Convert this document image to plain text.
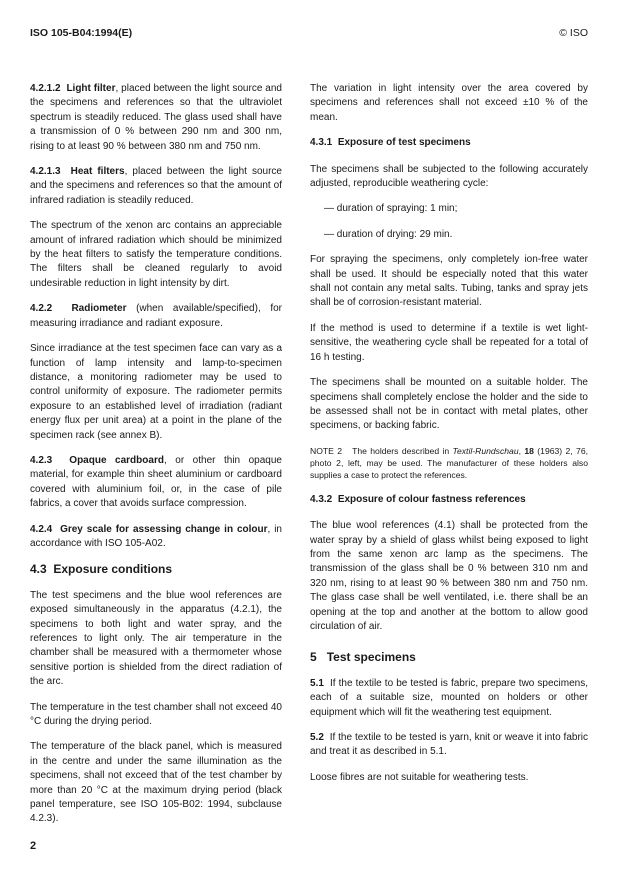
ISO 105-B04:1994(E)	© ISO

4.2.1.2 Light filter, placed between the light source and the specimens and references so that the ultraviolet spectrum is steadily reduced. The glass used shall have a transmission of 0 % between 290 nm and 300 nm, rising to at least 90 % between 380 nm and 750 nm.

4.2.1.3 Heat filters, placed between the light source and the specimens and references so that the amount of infrared radiation is steadily reduced.

The spectrum of the xenon arc contains an appreciable amount of infrared radiation which should be minimized by the heat filters to satisfy the temperature conditions. The filters shall be cleaned regularly to avoid undesirable reduction in light intensity by dirt.

4.2.2 Radiometer (when available/specified), for measuring irradiance and radiant exposure.

Since irradiance at the test specimen face can vary as a function of lamp intensity and lamp-to-specimen distance, a monitoring radiometer may be used to control uniformity of exposure. The radiometer permits exposure to an established level of irradiation (radiant energy flux per unit area) at a point in the plane of the specimen rack (see annex B).

4.2.3 Opaque cardboard, or other thin opaque material, for example thin sheet aluminium or cardboard covered with aluminium foil, or, in the case of pile fabrics, a cover that avoids surface compression.

4.2.4 Grey scale for assessing change in colour, in accordance with ISO 105-A02.

4.3 Exposure conditions

The test specimens and the blue wool references are exposed simultaneously in the apparatus (4.2.1), the specimens to both light and water spray, and the references to light only. The air temperature in the chamber shall be measured with a thermometer whose sensitive portion is shielded from the direct radiation of the arc.

The temperature in the test chamber shall not exceed 40 °C during the drying period.

The temperature of the black panel, which is measured in the centre and under the same illumination as the specimens, shall not exceed that of the test chamber by more than 20 °C at the maximum drying period (black panel temperature, see ISO 105-B02: 1994, subclause 4.2.3).

The variation in light intensity over the area covered by specimens and references shall not exceed ±10 % of the mean.

4.3.1 Exposure of test specimens

The specimens shall be subjected to the following accurately adjusted, reproducible weathering cycle:

— duration of spraying: 1 min;

— duration of drying: 29 min.

For spraying the specimens, only completely ion-free water shall be used. It should be especially noted that this water shall not contain any metal salts. Tubing, tanks and spray jets shall be of corrosion-resistant material.

If the method is used to determine if a textile is wet light-sensitive, the weathering cycle shall be repeated for a total of 16 h testing.

The specimens shall be mounted on a suitable holder. The specimens shall completely enclose the holder and the side to be assessed shall not be in contact with metal plates, other specimens, or backing fabric.

NOTE 2 The holders described in Textil-Rundschau, 18 (1963) 2, 76, photo 2, left, may be used. The manufacturer of these holders also supplies a case to protect the references.

4.3.2 Exposure of colour fastness references

The blue wool references (4.1) shall be protected from the water spray by a shield of glass whilst being exposed to light from the same xenon arc lamp as the specimens. The transmission of the glass shall be 0 % between 310 nm and 320 nm, rising to at least 90 % between 380 nm and 750 nm. The glass case shall be well ventilated, i.e. there shall be an opening at the top and another at the bottom to allow good circulation of air.

5 Test specimens

5.1 If the textile to be tested is fabric, prepare two specimens, each of a suitable size, mounted on holders or other equipment which will fit the weathering test equipment.

5.2 If the textile to be tested is yarn, knit or weave it into fabric and treat it as described in 5.1.

Loose fibres are not suitable for weathering tests.

2
